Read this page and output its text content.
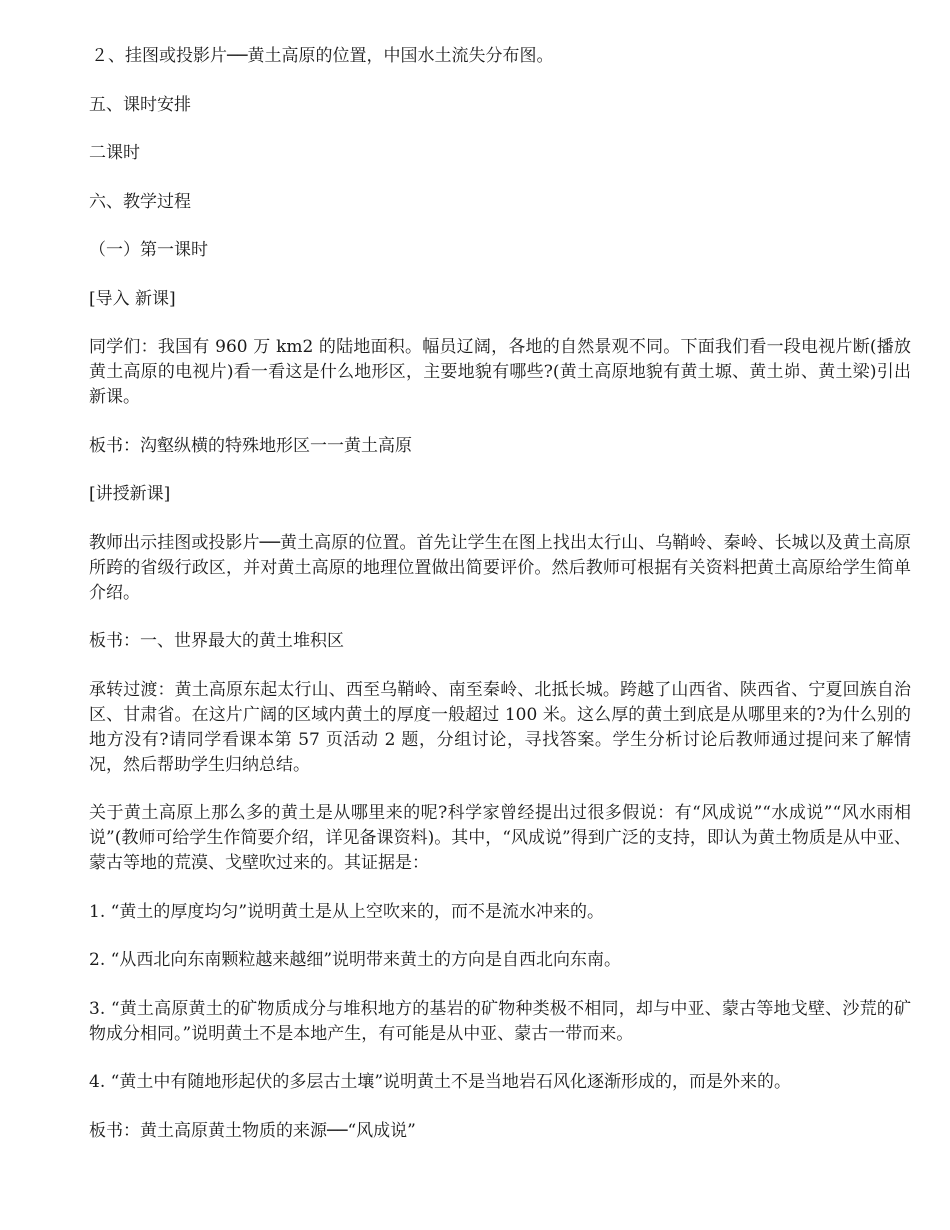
２、挂图或投影片──黄土高原的位置，中国水土流失分布图。

五、课时安排

二课时

六、教学过程

（一）第一课时

[导入 新课]

同学们：我国有 960 万 km2 的陆地面积。幅员辽阔，各地的自然景观不同。下面我们看一段电视片断(播放黄土高原的电视片)看一看这是什么地形区，主要地貌有哪些?(黄土高原地貌有黄土塬、黄土峁、黄土梁)引出新课。

板书：沟壑纵横的特殊地形区一一黄土高原

[讲授新课]

教师出示挂图或投影片──黄土高原的位置。首先让学生在图上找出太行山、乌鞘岭、秦岭、长城以及黄土高原所跨的省级行政区，并对黄土高原的地理位置做出简要评价。然后教师可根据有关资料把黄土高原给学生简单介绍。

板书：一、世界最大的黄土堆积区

承转过渡：黄土高原东起太行山、西至乌鞘岭、南至秦岭、北抵长城。跨越了山西省、陕西省、宁夏回族自治区、甘肃省。在这片广阔的区域内黄土的厚度一般超过 100 米。这么厚的黄土到底是从哪里来的?为什么别的地方没有?请同学看课本第 57 页活动 2 题，分组讨论，寻找答案。学生分析讨论后教师通过提问来了解情况，然后帮助学生归纳总结。

关于黄土高原上那么多的黄土是从哪里来的呢?科学家曾经提出过很多假说：有“风成说”“水成说”“风水雨相说”(教师可给学生作简要介绍，详见备课资料)。其中，“风成说”得到广泛的支持，即认为黄土物质是从中亚、蒙古等地的荒漠、戈壁吹过来的。其证据是：

1. “黄土的厚度均匀”说明黄土是从上空吹来的，而不是流水冲来的。

2. “从西北向东南颗粒越来越细”说明带来黄土的方向是自西北向东南。

3. “黄土高原黄土的矿物质成分与堆积地方的基岩的矿物种类极不相同，却与中亚、蒙古等地戈壁、沙荒的矿物成分相同。”说明黄土不是本地产生，有可能是从中亚、蒙古一带而来。

4. “黄土中有随地形起伏的多层古土壤”说明黄土不是当地岩石风化逐渐形成的，而是外来的。

板书：黄土高原黄土物质的来源──“风成说”
